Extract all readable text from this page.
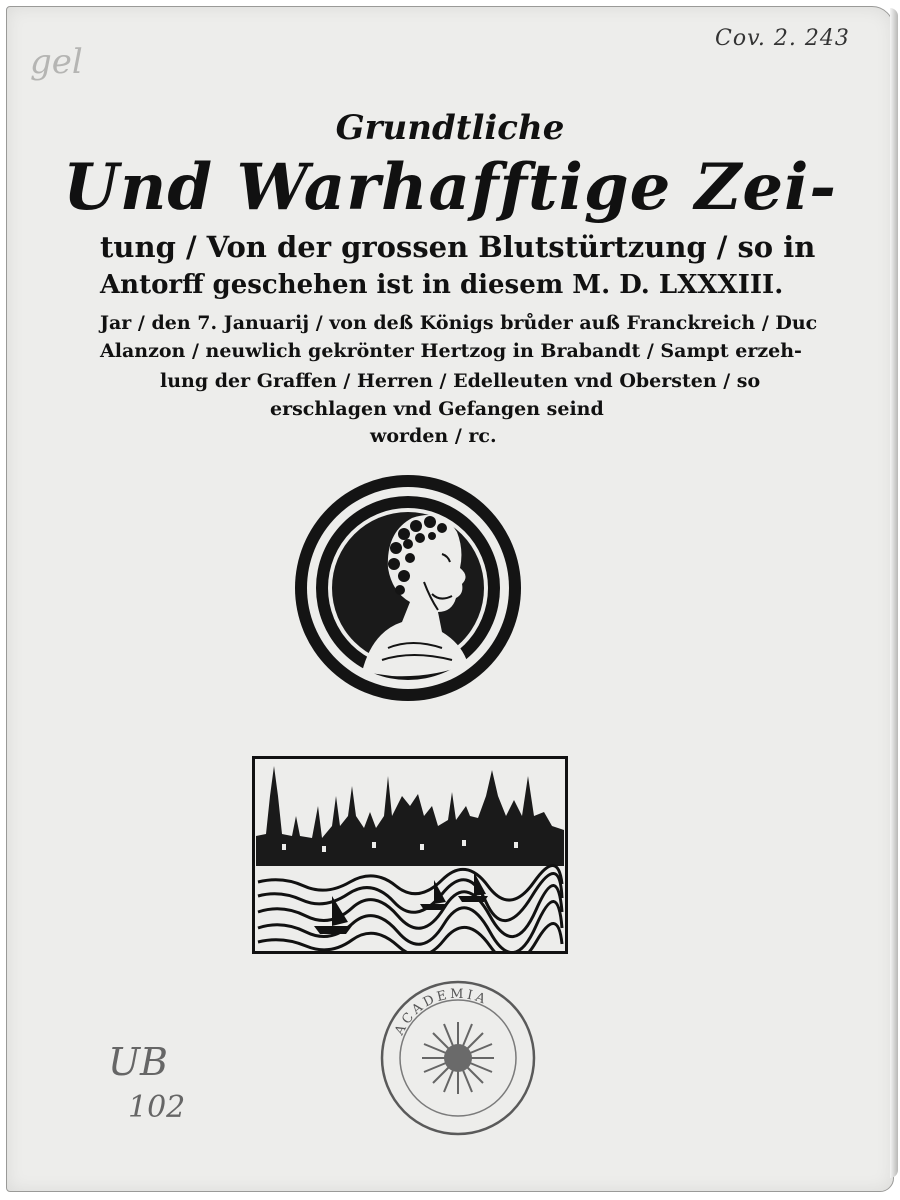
Cov. 2. 243
gel
Grundtliche
Und Warhafftige Zei-
tung / Von der grossen Blutstürtzung / so in
Antorff geschehen ist in diesem M. D. LXXXIII.
Jar / den 7. Januarij / von deß Königs brůder auß Franckreich / Duc
Alanzon / neuwlich gekrönter Hertzog in Brabandt / Sampt erzeh-
lung der Graffen / Herren / Edelleuten vnd Obersten / so
erschlagen vnd Gefangen seind
worden / rc.
ACADEMIA
UB
102
